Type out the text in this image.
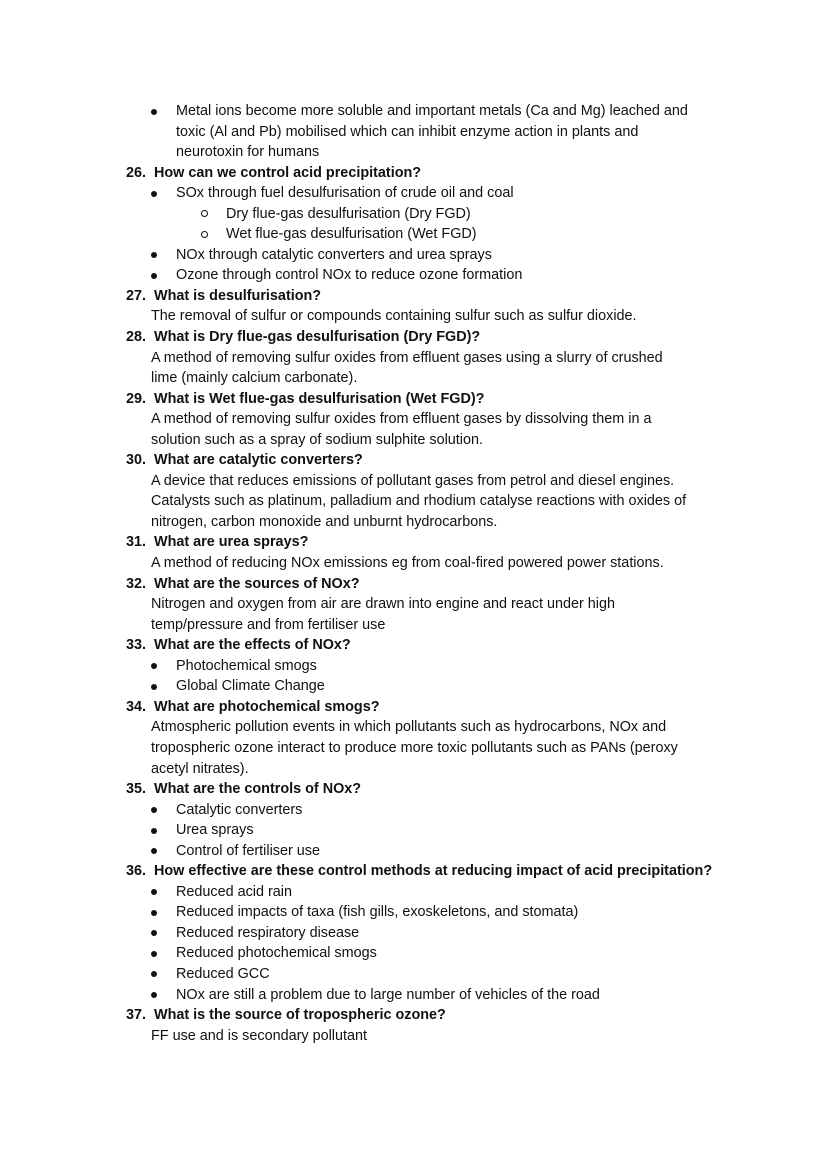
Metal ions become more soluble and important metals (Ca and Mg) leached and
toxic (Al and Pb) mobilised which can inhibit enzyme action in plants and
neurotoxin for humans
26. How can we control acid precipitation?
SOx through fuel desulfurisation of crude oil and coal
Dry flue-gas desulfurisation (Dry FGD)
Wet flue-gas desulfurisation (Wet FGD)
NOx through catalytic converters and urea sprays
Ozone through control NOx to reduce ozone formation
27. What is desulfurisation?
The removal of sulfur or compounds containing sulfur such as sulfur dioxide.
28. What is Dry flue-gas desulfurisation (Dry FGD)?
A method of removing sulfur oxides from effluent gases using a slurry of crushed
lime (mainly calcium carbonate).
29. What is Wet flue-gas desulfurisation (Wet FGD)?
A method of removing sulfur oxides from effluent gases by dissolving them in a
solution such as a spray of sodium sulphite solution.
30. What are catalytic converters?
A device that reduces emissions of pollutant gases from petrol and diesel engines.
Catalysts such as platinum, palladium and rhodium catalyse reactions with oxides of
nitrogen, carbon monoxide and unburnt hydrocarbons.
31. What are urea sprays?
A method of reducing NOx emissions eg from coal-fired powered power stations.
32. What are the sources of NOx?
Nitrogen and oxygen from air are drawn into engine and react under high
temp/pressure and from fertiliser use
33. What are the effects of NOx?
Photochemical smogs
Global Climate Change
34. What are photochemical smogs?
Atmospheric pollution events in which pollutants such as hydrocarbons, NOx and
tropospheric ozone interact to produce more toxic pollutants such as PANs (peroxy
acetyl nitrates).
35. What are the controls of NOx?
Catalytic converters
Urea sprays
Control of fertiliser use
36. How effective are these control methods at reducing impact of acid precipitation?
Reduced acid rain
Reduced impacts of taxa (fish gills, exoskeletons, and stomata)
Reduced respiratory disease
Reduced photochemical smogs
Reduced GCC
NOx are still a problem due to large number of vehicles of the road
37. What is the source of tropospheric ozone?
FF use and is secondary pollutant
